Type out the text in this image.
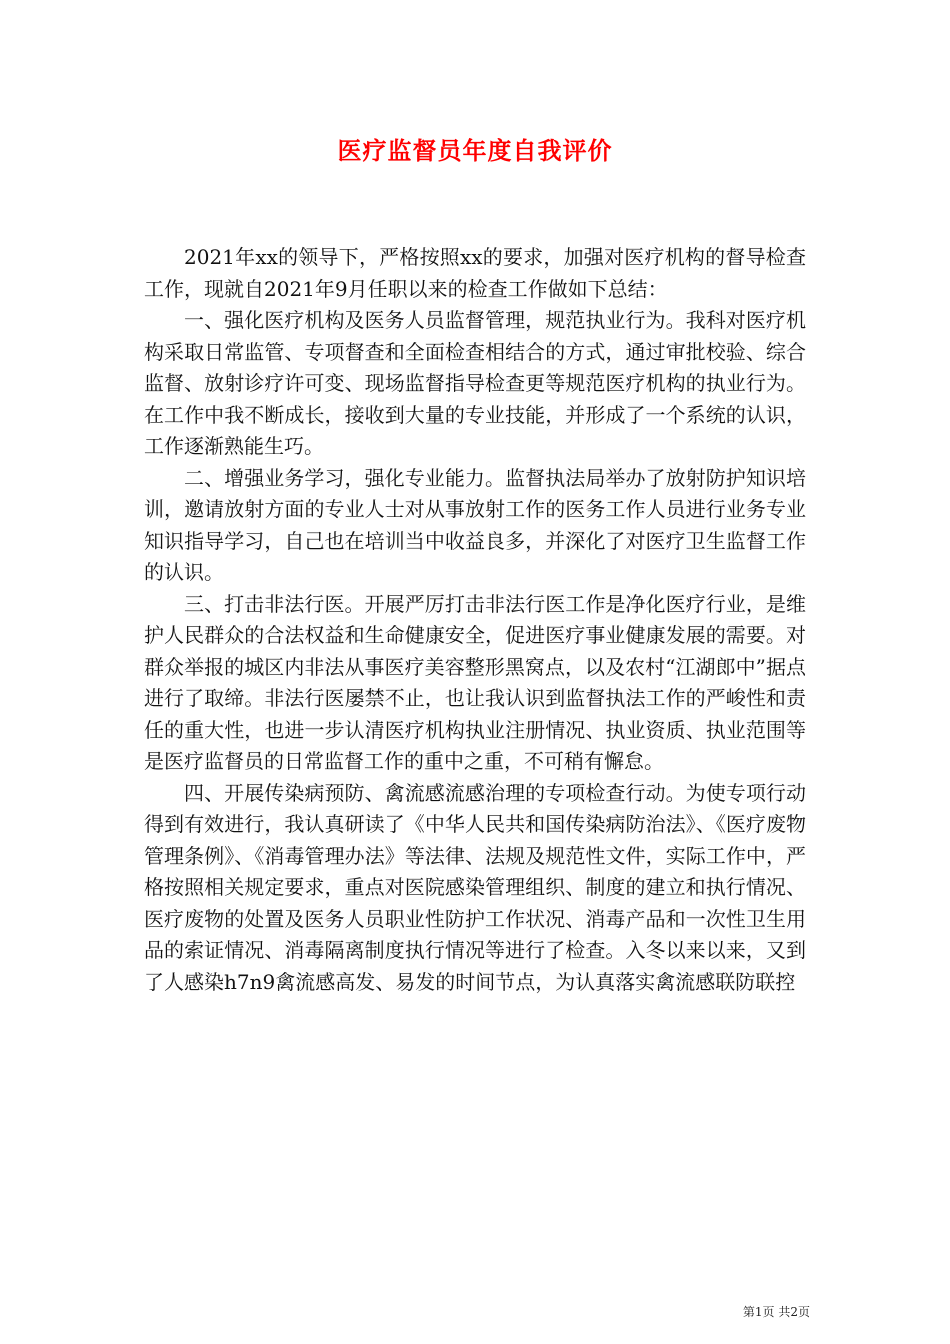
医疗监督员年度自我评价

2021年xx的领导下，严格按照xx的要求，加强对医疗机构的督导检查工作，现就自2021年9月任职以来的检查工作做如下总结：

一、强化医疗机构及医务人员监督管理，规范执业行为。我科对医疗机构采取日常监管、专项督查和全面检查相结合的方式，通过审批校验、综合监督、放射诊疗许可变、现场监督指导检查更等规范医疗机构的执业行为。在工作中我不断成长，接收到大量的专业技能，并形成了一个系统的认识，工作逐渐熟能生巧。

二、增强业务学习，强化专业能力。监督执法局举办了放射防护知识培训，邀请放射方面的专业人士对从事放射工作的医务工作人员进行业务专业知识指导学习，自己也在培训当中收益良多，并深化了对医疗卫生监督工作的认识。

三、打击非法行医。开展严厉打击非法行医工作是净化医疗行业，是维护人民群众的合法权益和生命健康安全，促进医疗事业健康发展的需要。对群众举报的城区内非法从事医疗美容整形黑窝点，以及农村“江湖郎中”据点进行了取缔。非法行医屡禁不止，也让我认识到监督执法工作的严峻性和责任的重大性，也进一步认清医疗机构执业注册情况、执业资质、执业范围等是医疗监督员的日常监督工作的重中之重，不可稍有懈怠。

四、开展传染病预防、禽流感流感治理的专项检查行动。为使专项行动得到有效进行，我认真研读了《中华人民共和国传染病防治法》、《医疗废物管理条例》、《消毒管理办法》等法律、法规及规范性文件，实际工作中，严格按照相关规定要求，重点对医院感染管理组织、制度的建立和执行情况、医疗废物的处置及医务人员职业性防护工作状况、消毒产品和一次性卫生用品的索证情况、消毒隔离制度执行情况等进行了检查。入冬以来以来，又到了人感染h7n9禽流感高发、易发的时间节点，为认真落实禽流感联防联控

第1页 共2页
